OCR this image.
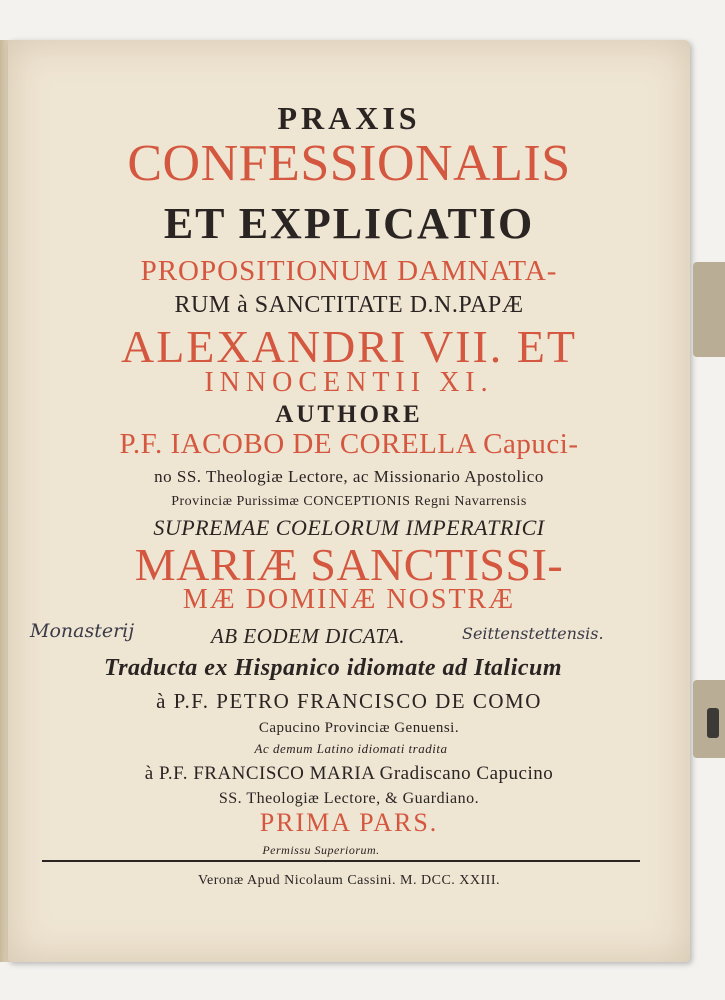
PRAXIS
CONFESSIONALIS
ET EXPLICATIO
PROPOSITIONUM DAMNATA-
RUM à SANCTITATE D.N.PAPÆ
ALEXANDRI VII. ET
INNOCENTII XI.
AUTHORE
P.F. IACOBO DE CORELLA Capuci-
no SS. Theologiæ Lectore, ac Missionario Apostolico
Provinciæ Purissimæ CONCEPTIONIS Regni Navarrensis
SUPREMAE COELORUM IMPERATRICI
MARIÆ SANCTISSI-
MÆ DOMINÆ NOSTRÆ
AB EODEM DICATA.
Traducta ex Hispanico idiomate ad Italicum
à P.F. PETRO FRANCISCO DE COMO
Capucino Provinciæ Genuensi.
Ac demum Latino idiomati tradita
à P.F. FRANCISCO MARIA Gradiscano Capucino
SS. Theologiæ Lectore, & Guardiano.
PRIMA PARS.
Permissu Superiorum.
Veronæ Apud Nicolaum Cassini. M. DCC. XXIII.
Monasterij	Seittenstettensis.
